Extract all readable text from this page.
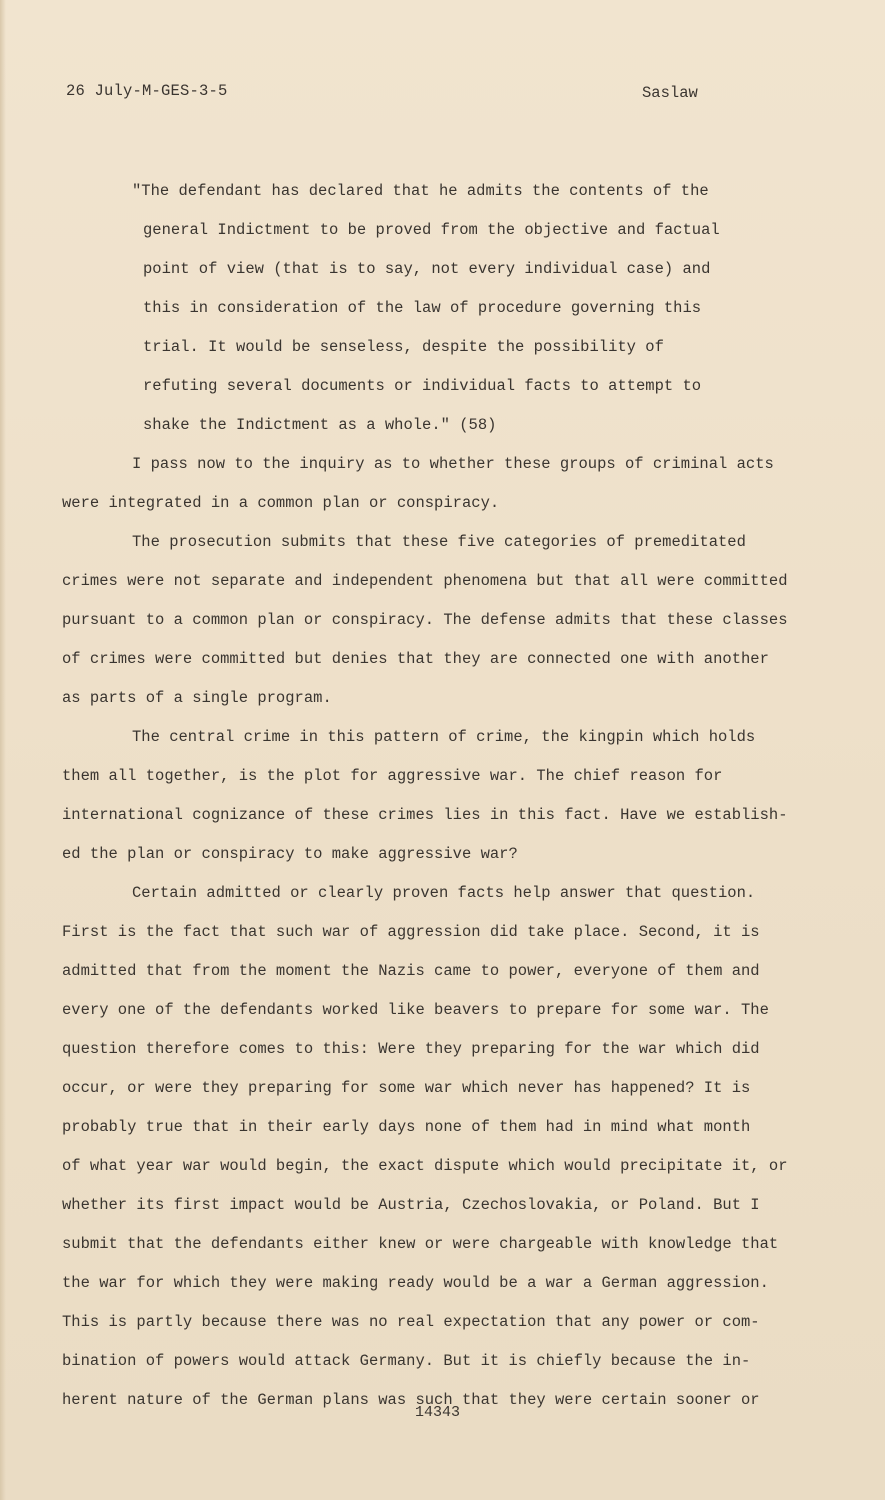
26 July-M-GES-3-5	Saslaw
"The defendant has declared that he admits the contents of the
general Indictment to be proved from the objective and factual
point of view (that is to say, not every individual case) and
this in consideration of the law of procedure governing this
trial. It would be senseless, despite the possibility of
refuting several documents or individual facts to attempt to
shake the Indictment as a whole." (58)
I pass now to the inquiry as to whether these groups of criminal acts
were integrated in a common plan or conspiracy.
The prosecution submits that these five categories of premeditated
crimes were not separate and independent phenomena but that all were committed
pursuant to a common plan or conspiracy. The defense admits that these classes
of crimes were committed but denies that they are connected one with another
as parts of a single program.
The central crime in this pattern of crime, the kingpin which holds
them all together, is the plot for aggressive war. The chief reason for
international cognizance of these crimes lies in this fact. Have we establish-
ed the plan or conspiracy to make aggressive war?
Certain admitted or clearly proven facts help answer that question.
First is the fact that such war of aggression did take place. Second, it is
admitted that from the moment the Nazis came to power, everyone of them and
every one of the defendants worked like beavers to prepare for some war. The
question therefore comes to this: Were they preparing for the war which did
occur, or were they preparing for some war which never has happened? It is
probably true that in their early days none of them had in mind what month
of what year war would begin, the exact dispute which would precipitate it, or
whether its first impact would be Austria, Czechoslovakia, or Poland. But I
submit that the defendants either knew or were chargeable with knowledge that
the war for which they were making ready would be a war a German aggression.
This is partly because there was no real expectation that any power or com-
bination of powers would attack Germany. But it is chiefly because the in-
herent nature of the German plans was such that they were certain sooner or
14343
